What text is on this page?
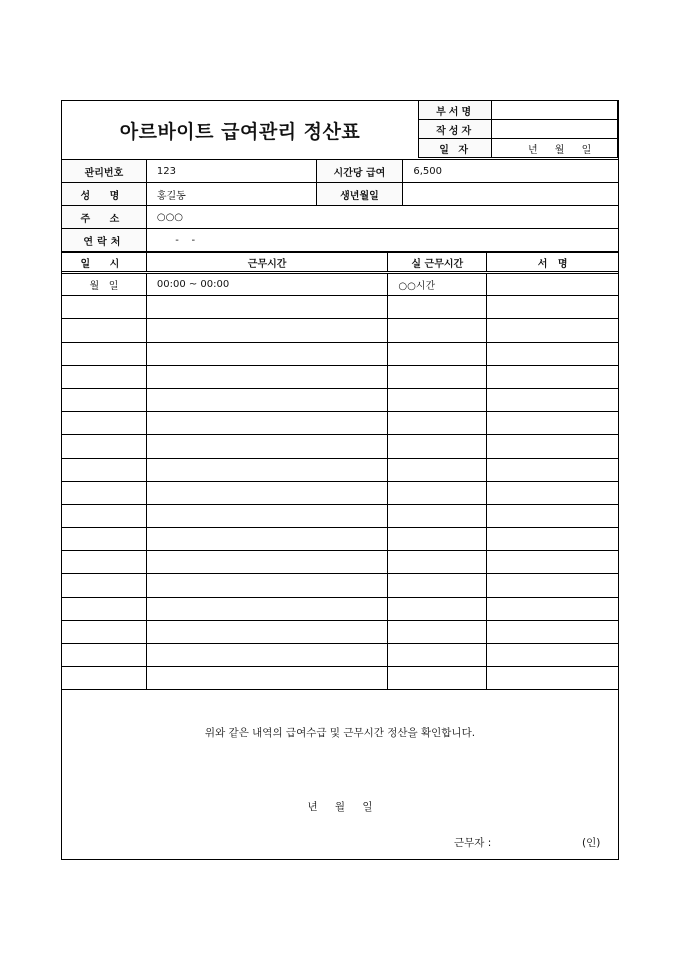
아르바이트 급여관리 정산표
부서명	
작성자	
일 자	년 월 일
관리번호	123	시간당 급여	6,500
성 명	홍길동	생년월일	
주 소	○○○		
연락처	-    -		
일 시	근무시간	실 근무시간	서   명
월   일	00:00 ~ 00:00	○○시간	

위와 같은 내역의 급여수급 및 근무시간 정산을 확인합니다.
년 월 일
근무자 :	(인)
